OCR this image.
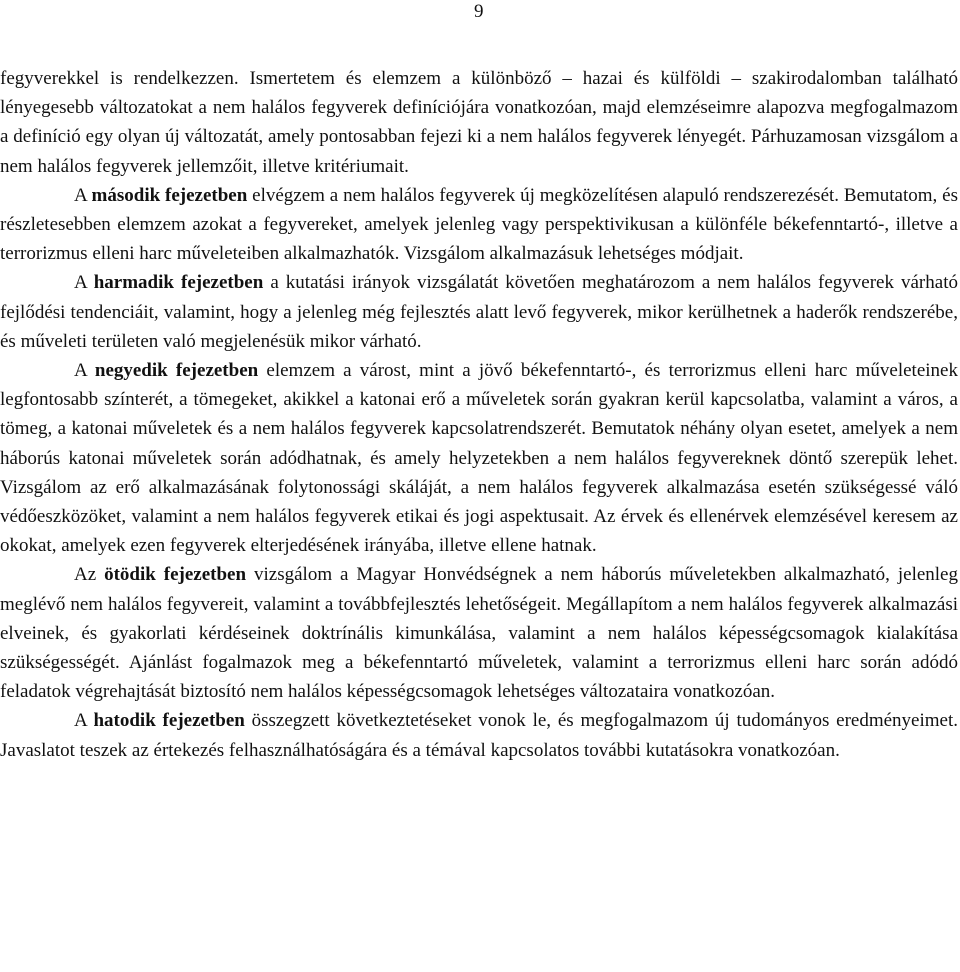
9

fegyverekkel is rendelkezzen. Ismertetem és elemzem a különböző – hazai és külföldi – szakirodalomban található lényegesebb változatokat a nem halálos fegyverek definíciójára vonatkozóan, majd elemzéseimre alapozva megfogalmazom a definíció egy olyan új változatát, amely pontosabban fejezi ki a nem halálos fegyverek lényegét. Párhuzamosan vizsgálom a nem halálos fegyverek jellemzőit, illetve kritériumait.

A második fejezetben elvégzem a nem halálos fegyverek új megközelítésen alapuló rendszerezését. Bemutatom, és részletesebben elemzem azokat a fegyvereket, amelyek jelenleg vagy perspektivikusan a különféle békefenntartó-, illetve a terrorizmus elleni harc műveleteiben alkalmazhatók. Vizsgálom alkalmazásuk lehetséges módjait.

A harmadik fejezetben a kutatási irányok vizsgálatát követően meghatározom a nem halálos fegyverek várható fejlődési tendenciáit, valamint, hogy a jelenleg még fejlesztés alatt levő fegyverek, mikor kerülhetnek a haderők rendszerébe, és műveleti területen való megjelenésük mikor várható.

A negyedik fejezetben elemzem a várost, mint a jövő békefenntartó-, és terrorizmus elleni harc műveleteinek legfontosabb színterét, a tömegeket, akikkel a katonai erő a műveletek során gyakran kerül kapcsolatba, valamint a város, a tömeg, a katonai műveletek és a nem halálos fegyverek kapcsolatrendszerét. Bemutatok néhány olyan esetet, amelyek a nem háborús katonai műveletek során adódhatnak, és amely helyzetekben a nem halálos fegyvereknek döntő szerepük lehet. Vizsgálom az erő alkalmazásának folytonossági skáláját, a nem halálos fegyverek alkalmazása esetén szükségessé váló védőeszközöket, valamint a nem halálos fegyverek etikai és jogi aspektusait. Az érvek és ellenérvek elemzésével keresem az okokat, amelyek ezen fegyverek elterjedésének irányába, illetve ellene hatnak.

Az ötödik fejezetben vizsgálom a Magyar Honvédségnek a nem háborús műveletekben alkalmazható, jelenleg meglévő nem halálos fegyvereit, valamint a továbbfejlesztés lehetőségeit. Megállapítom a nem halálos fegyverek alkalmazási elveinek, és gyakorlati kérdéseinek doktrínális kimunkálása, valamint a nem halálos képességcsomagok kialakítása szükségességét. Ajánlást fogalmazok meg a békefenntartó műveletek, valamint a terrorizmus elleni harc során adódó feladatok végrehajtását biztosító nem halálos képességcsomagok lehetséges változataira vonatkozóan.

A hatodik fejezetben összegzett következtetéseket vonok le, és megfogalmazom új tudományos eredményeimet. Javaslatot teszek az értekezés felhasználhatóságára és a témával kapcsolatos további kutatásokra vonatkozóan.
